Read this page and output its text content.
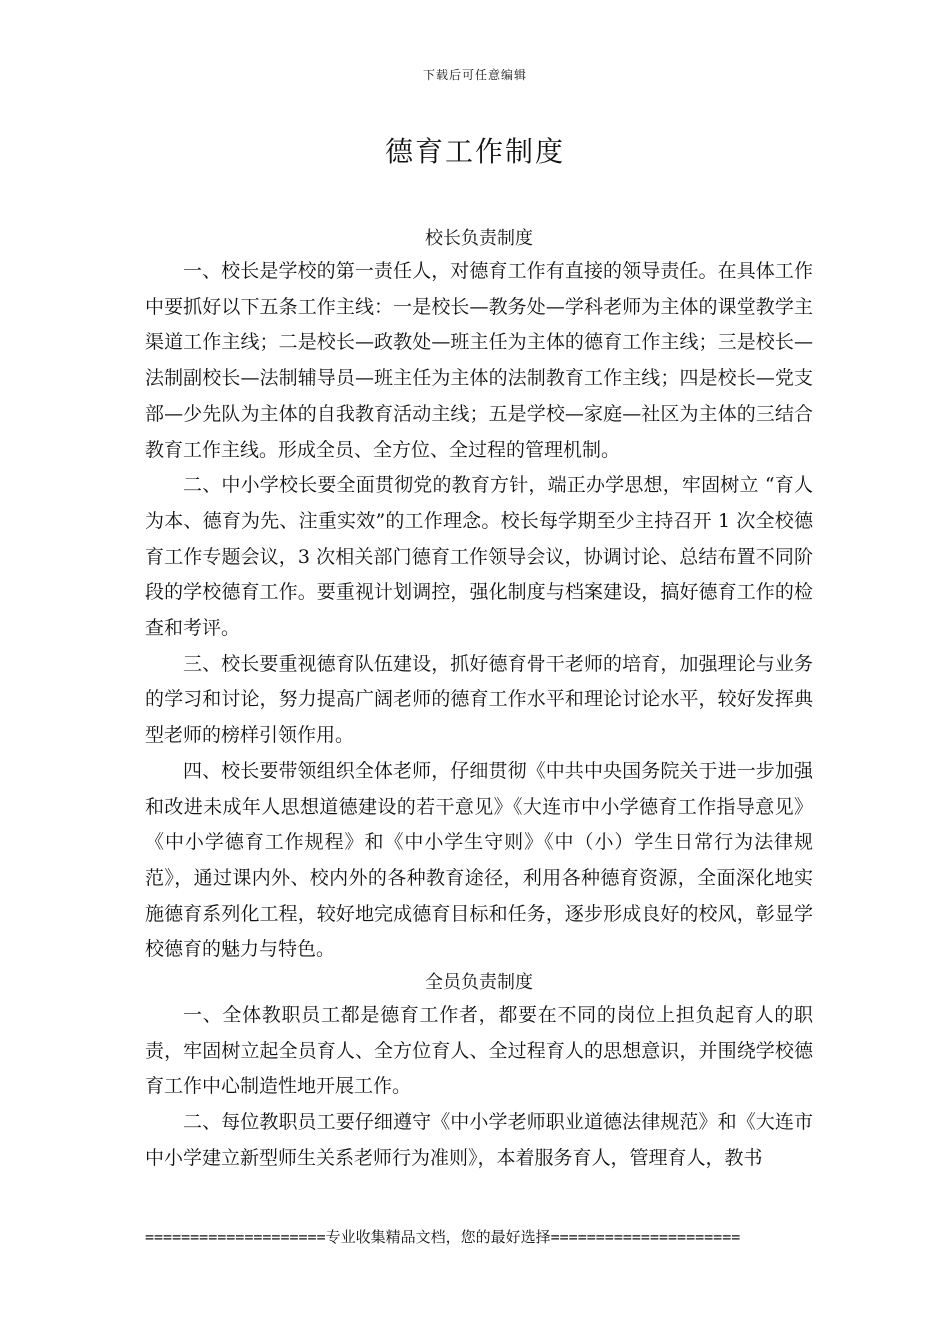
下载后可任意编辑
德育工作制度
校长负责制度

一、校长是学校的第一责任人，对德育工作有直接的领导责任。在具体工作中要抓好以下五条工作主线：一是校长—教务处—学科老师为主体的课堂教学主渠道工作主线；二是校长—政教处—班主任为主体的德育工作主线；三是校长—法制副校长—法制辅导员—班主任为主体的法制教育工作主线；四是校长—党支部—少先队为主体的自我教育活动主线；五是学校—家庭—社区为主体的三结合教育工作主线。形成全员、全方位、全过程的管理机制。

二、中小学校长要全面贯彻党的教育方针，端正办学思想，牢固树立 “育人为本、德育为先、注重实效”的工作理念。校长每学期至少主持召开 1 次全校德育工作专题会议，3 次相关部门德育工作领导会议，协调讨论、总结布置不同阶段的学校德育工作。要重视计划调控，强化制度与档案建设，搞好德育工作的检查和考评。

三、校长要重视德育队伍建设，抓好德育骨干老师的培育，加强理论与业务的学习和讨论，努力提高广阔老师的德育工作水平和理论讨论水平，较好发挥典型老师的榜样引领作用。

四、校长要带领组织全体老师，仔细贯彻《中共中央国务院关于进一步加强和改进未成年人思想道德建设的若干意见》《大连市中小学德育工作指导意见》《中小学德育工作规程》和《中小学生守则》《中（小）学生日常行为法律规范》，通过课内外、校内外的各种教育途径，利用各种德育资源，全面深化地实施德育系列化工程，较好地完成德育目标和任务，逐步形成良好的校风，彰显学校德育的魅力与特色。

全员负责制度

一、全体教职员工都是德育工作者，都要在不同的岗位上担负起育人的职责，牢固树立起全员育人、全方位育人、全过程育人的思想意识，并围绕学校德育工作中心制造性地开展工作。

二、每位教职员工要仔细遵守《中小学老师职业道德法律规范》和《大连市中小学建立新型师生关系老师行为准则》，本着服务育人，管理育人，教书

====================专业收集精品文档，您的最好选择=====================
